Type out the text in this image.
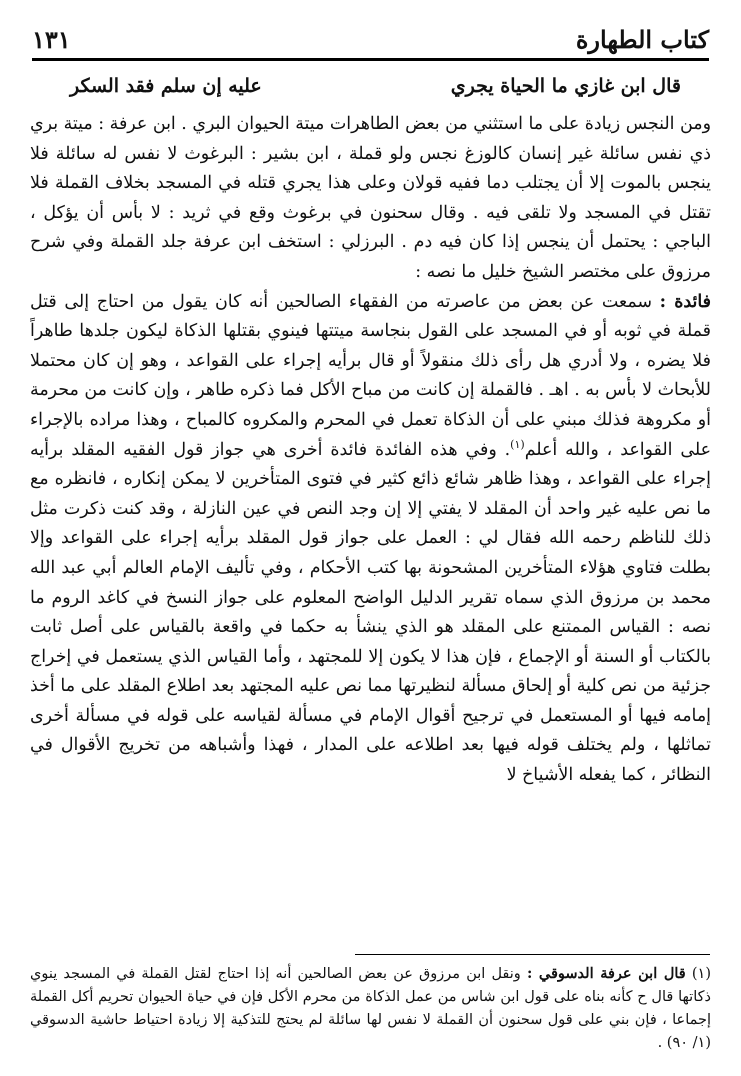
كتاب الطهارة
١٣١
قال ابن غازي ما الحياة يجري
عليه إن سلم فقد السكر

ومن النجس زيادة على ما استثني من بعض الطاهرات ميتة الحيوان البري . ابن عرفة : ميتة بري ذي نفس سائلة غير إنسان كالوزغ نجس ولو قملة ، ابن بشير : البرغوث لا نفس له سائلة فلا ينجس بالموت إلا أن يجتلب دما ففيه قولان وعلى هذا يجري قتله في المسجد بخلاف القملة فلا تقتل في المسجد ولا تلقى فيه . وقال سحنون في برغوث وقع في ثريد : لا بأس أن يؤكل ، الباجي : يحتمل أن ينجس إذا كان فيه دم . البرزلي : استخف ابن عرفة جلد القملة وفي شرح مرزوق على مختصر الشيخ خليل ما نصه :

فائدة : سمعت عن بعض من عاصرته من الفقهاء الصالحين أنه كان يقول من احتاج إلى قتل قملة في ثوبه أو في المسجد على القول بنجاسة ميتتها فينوي بقتلها الذكاة ليكون جلدها طاهراً فلا يضره ، ولا أدري هل رأى ذلك منقولاً أو قال برأيه إجراء على القواعد ، وهو إن كان محتملا للأبحاث لا بأس به . اهـ . فالقملة إن كانت من مباح الأكل فما ذكره طاهر ، وإن كانت من محرمة أو مكروهة فذلك مبني على أن الذكاة تعمل في المحرم والمكروه كالمباح ، وهذا مراده بالإجراء على القواعد ، والله أعلم$^{(١)}$. وفي هذه الفائدة فائدة أخرى هي جواز قول الفقيه المقلد برأيه إجراء على القواعد ، وهذا ظاهر شائع ذائع كثير في فتوى المتأخرين لا يمكن إنكاره ، فانظره مع ما نص عليه غير واحد أن المقلد لا يفتي إلا إن وجد النص في عين النازلة ، وقد كنت ذكرت مثل ذلك للناظم رحمه الله فقال لي : العمل على جواز قول المقلد برأيه إجراء على القواعد وإلا بطلت فتاوي هؤلاء المتأخرين المشحونة بها كتب الأحكام ، وفي تأليف الإمام العالم أبي عبد الله محمد بن مرزوق الذي سماه تقرير الدليل الواضح المعلوم على جواز النسخ في كاغد الروم ما نصه : القياس الممتنع على المقلد هو الذي ينشأ به حكما في واقعة بالقياس على أصل ثابت بالكتاب أو السنة أو الإجماع ، فإن هذا لا يكون إلا للمجتهد ، وأما القياس الذي يستعمل في إخراج جزئية من نص كلية أو إلحاق مسألة لنظيرتها مما نص عليه المجتهد بعد اطلاع المقلد على ما أخذ إمامه فيها أو المستعمل في ترجيح أقوال الإمام في مسألة لقياسه على قوله في مسألة أخرى تماثلها ، ولم يختلف قوله فيها بعد اطلاعه على المدار ، فهذا وأشباهه من تخريج الأقوال في النظائر ، كما يفعله الأشياخ لا

(١) قال ابن عرفة الدسوقي : ونقل ابن مرزوق عن بعض الصالحين أنه إذا احتاج لقتل القملة في المسجد ينوي ذكاتها قال ح كأنه بناه على قول ابن شاس من عمل الذكاة من محرم الأكل فإن في حياة الحيوان تحريم أكل القملة إجماعا ، فإن بني على قول سحنون أن القملة لا نفس لها سائلة لم يحتج للتذكية إلا زيادة احتياط حاشية الدسوقي (١/ ٩٠) .
